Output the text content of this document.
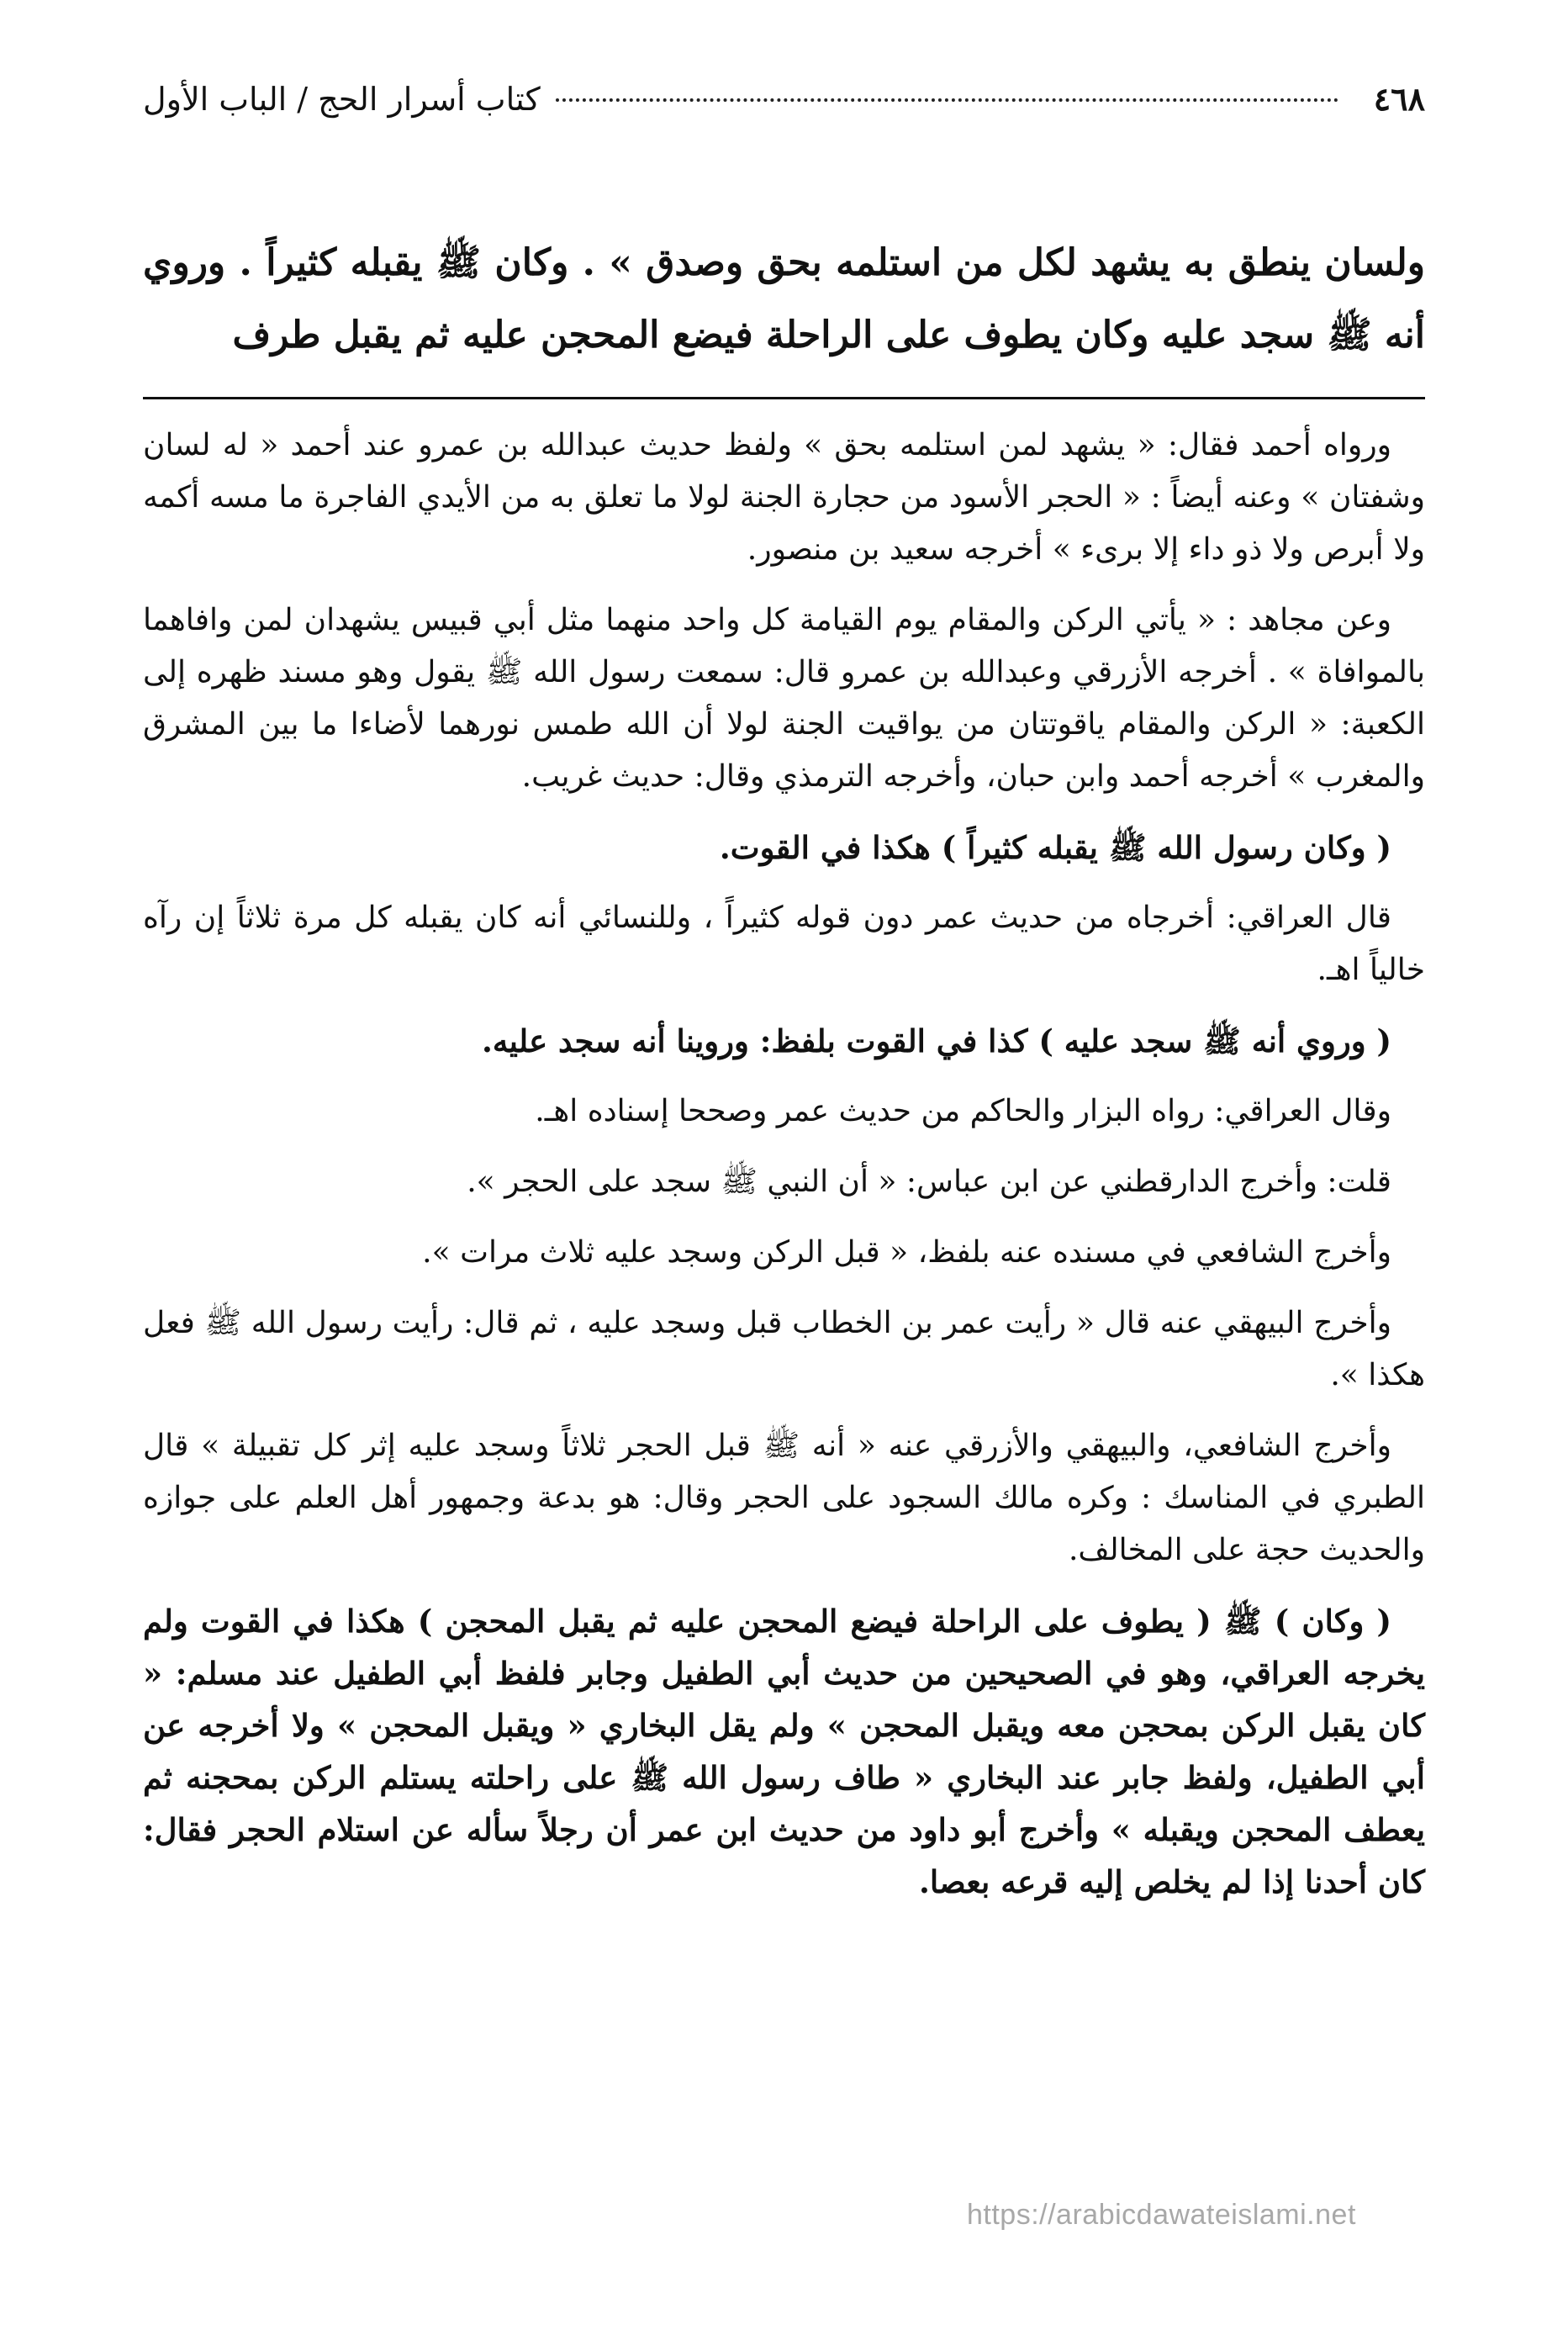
٤٦٨
كتاب أسرار الحج / الباب الأول
ولسان ينطق به يشهد لكل من استلمه بحق وصدق » . وكان ﷺ يقبله كثيراً . وروي أنه ﷺ سجد عليه وكان يطوف على الراحلة فيضع المحجن عليه ثم يقبل طرف

ورواه أحمد فقال: « يشهد لمن استلمه بحق » ولفظ حديث عبدالله بن عمرو عند أحمد « له لسان وشفتان » وعنه أيضاً : « الحجر الأسود من حجارة الجنة لولا ما تعلق به من الأيدي الفاجرة ما مسه أكمه ولا أبرص ولا ذو داء إلا برىء » أخرجه سعيد بن منصور.

وعن مجاهد : « يأتي الركن والمقام يوم القيامة كل واحد منهما مثل أبي قبيس يشهدان لمن وافاهما بالموافاة » . أخرجه الأزرقي وعبدالله بن عمرو قال: سمعت رسول الله ﷺ يقول وهو مسند ظهره إلى الكعبة: « الركن والمقام ياقوتتان من يواقيت الجنة لولا أن الله طمس نورهما لأضاءا ما بين المشرق والمغرب » أخرجه أحمد وابن حبان، وأخرجه الترمذي وقال: حديث غريب.

( وكان رسول الله ﷺ يقبله كثيراً ) هكذا في القوت.

قال العراقي: أخرجاه من حديث عمر دون قوله كثيراً ، وللنسائي أنه كان يقبله كل مرة ثلاثاً إن رآه خالياً اهـ.

( وروي أنه ﷺ سجد عليه ) كذا في القوت بلفظ: وروينا أنه سجد عليه.

وقال العراقي: رواه البزار والحاكم من حديث عمر وصححا إسناده اهـ.

قلت: وأخرج الدارقطني عن ابن عباس: « أن النبي ﷺ سجد على الحجر ».

وأخرج الشافعي في مسنده عنه بلفظ، « قبل الركن وسجد عليه ثلاث مرات ».

وأخرج البيهقي عنه قال « رأيت عمر بن الخطاب قبل وسجد عليه ، ثم قال: رأيت رسول الله ﷺ فعل هكذا ».

وأخرج الشافعي، والبيهقي والأزرقي عنه « أنه ﷺ قبل الحجر ثلاثاً وسجد عليه إثر كل تقبيلة » قال الطبري في المناسك : وكره مالك السجود على الحجر وقال: هو بدعة وجمهور أهل العلم على جوازه والحديث حجة على المخالف.

( وكان ) ﷺ ( يطوف على الراحلة فيضع المحجن عليه ثم يقبل المحجن ) هكذا في القوت ولم يخرجه العراقي، وهو في الصحيحين من حديث أبي الطفيل وجابر فلفظ أبي الطفيل عند مسلم: « كان يقبل الركن بمحجن معه ويقبل المحجن » ولم يقل البخاري « ويقبل المحجن » ولا أخرجه عن أبي الطفيل، ولفظ جابر عند البخاري « طاف رسول الله ﷺ على راحلته يستلم الركن بمحجنه ثم يعطف المحجن ويقبله » وأخرج أبو داود من حديث ابن عمر أن رجلاً سأله عن استلام الحجر فقال: كان أحدنا إذا لم يخلص إليه قرعه بعصا.

https://arabicdawateislami.net
